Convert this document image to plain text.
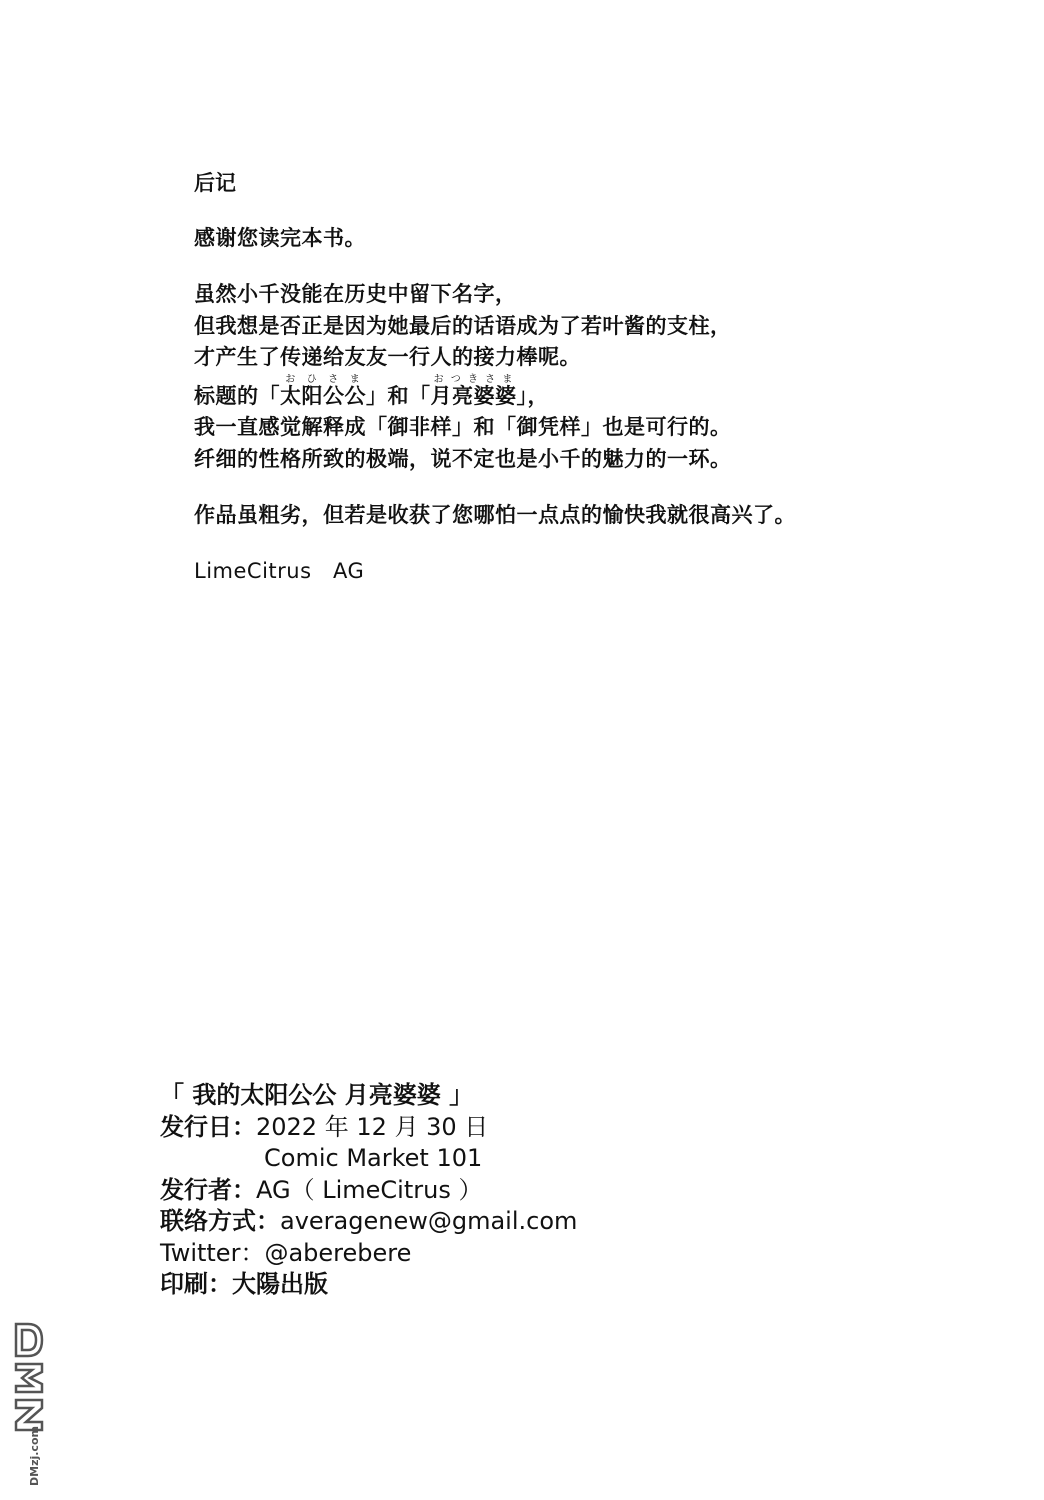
后记

感谢您读完本书。

虽然小千没能在历史中留下名字，

但我想是否正是因为她最后的话语成为了若叶酱的支柱，

才产生了传递给友友一行人的接力棒呢。

标题的「太阳公公おひさま」和「月亮婆婆おつきさま」，

我一直感觉解释成「御非样」和「御凭样」也是可行的。

纤细的性格所致的极端，说不定也是小千的魅力的一环。

作品虽粗劣，但若是收获了您哪怕一点点的愉快我就很高兴了。

LimeCitrus　AG

「 我的太阳公公 月亮婆婆 」
发行日：2022 年 12 月 30 日
Comic Market 101
发行者：AG（ LimeCitrus ）
联络方式：averagenew@gmail.com
Twitter：@aberebere
印刷：大陽出版
DMzj.com
